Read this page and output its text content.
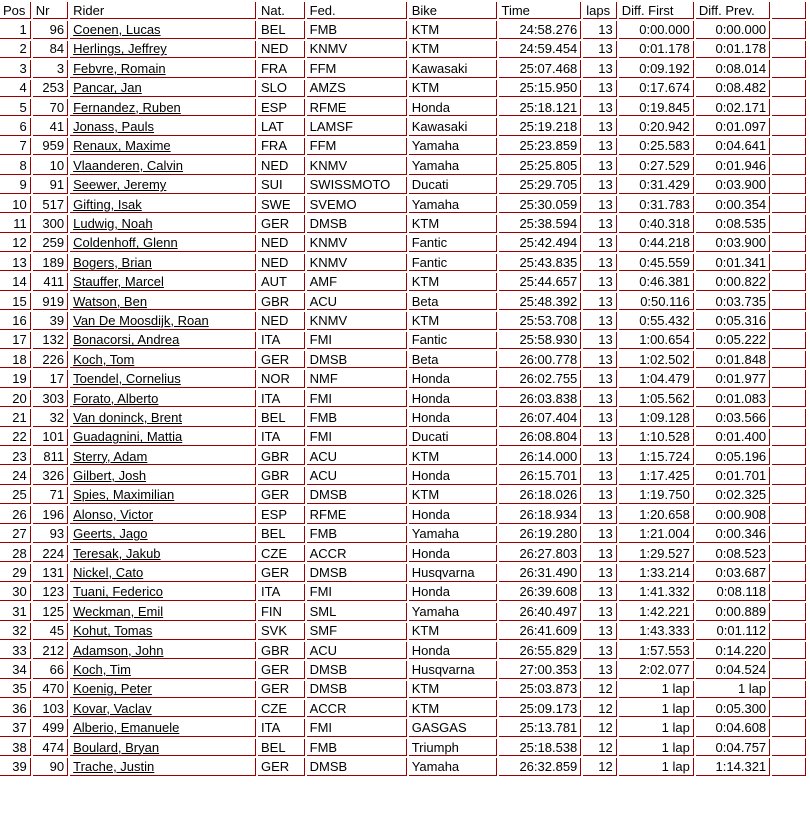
Pos	Nr	Rider	Nat.	Fed.	Bike	Time	laps	Diff. First	Diff. Prev.	
1	96	Coenen, Lucas	BEL	FMB	KTM	24:58.276	13	0:00.000	0:00.000	
2	84	Herlings, Jeffrey	NED	KNMV	KTM	24:59.454	13	0:01.178	0:01.178	
3	3	Febvre, Romain	FRA	FFM	Kawasaki	25:07.468	13	0:09.192	0:08.014	
4	253	Pancar, Jan	SLO	AMZS	KTM	25:15.950	13	0:17.674	0:08.482	
5	70	Fernandez, Ruben	ESP	RFME	Honda	25:18.121	13	0:19.845	0:02.171	
6	41	Jonass, Pauls	LAT	LAMSF	Kawasaki	25:19.218	13	0:20.942	0:01.097	
7	959	Renaux, Maxime	FRA	FFM	Yamaha	25:23.859	13	0:25.583	0:04.641	
8	10	Vlaanderen, Calvin	NED	KNMV	Yamaha	25:25.805	13	0:27.529	0:01.946	
9	91	Seewer, Jeremy	SUI	SWISSMOTO	Ducati	25:29.705	13	0:31.429	0:03.900	
10	517	Gifting, Isak	SWE	SVEMO	Yamaha	25:30.059	13	0:31.783	0:00.354	
11	300	Ludwig, Noah	GER	DMSB	KTM	25:38.594	13	0:40.318	0:08.535	
12	259	Coldenhoff, Glenn	NED	KNMV	Fantic	25:42.494	13	0:44.218	0:03.900	
13	189	Bogers, Brian	NED	KNMV	Fantic	25:43.835	13	0:45.559	0:01.341	
14	411	Stauffer, Marcel	AUT	AMF	KTM	25:44.657	13	0:46.381	0:00.822	
15	919	Watson, Ben	GBR	ACU	Beta	25:48.392	13	0:50.116	0:03.735	
16	39	Van De Moosdijk, Roan	NED	KNMV	KTM	25:53.708	13	0:55.432	0:05.316	
17	132	Bonacorsi, Andrea	ITA	FMI	Fantic	25:58.930	13	1:00.654	0:05.222	
18	226	Koch, Tom	GER	DMSB	Beta	26:00.778	13	1:02.502	0:01.848	
19	17	Toendel, Cornelius	NOR	NMF	Honda	26:02.755	13	1:04.479	0:01.977	
20	303	Forato, Alberto	ITA	FMI	Honda	26:03.838	13	1:05.562	0:01.083	
21	32	Van doninck, Brent	BEL	FMB	Honda	26:07.404	13	1:09.128	0:03.566	
22	101	Guadagnini, Mattia	ITA	FMI	Ducati	26:08.804	13	1:10.528	0:01.400	
23	811	Sterry, Adam	GBR	ACU	KTM	26:14.000	13	1:15.724	0:05.196	
24	326	Gilbert, Josh	GBR	ACU	Honda	26:15.701	13	1:17.425	0:01.701	
25	71	Spies, Maximilian	GER	DMSB	KTM	26:18.026	13	1:19.750	0:02.325	
26	196	Alonso, Victor	ESP	RFME	Honda	26:18.934	13	1:20.658	0:00.908	
27	93	Geerts, Jago	BEL	FMB	Yamaha	26:19.280	13	1:21.004	0:00.346	
28	224	Teresak, Jakub	CZE	ACCR	Honda	26:27.803	13	1:29.527	0:08.523	
29	131	Nickel, Cato	GER	DMSB	Husqvarna	26:31.490	13	1:33.214	0:03.687	
30	123	Tuani, Federico	ITA	FMI	Honda	26:39.608	13	1:41.332	0:08.118	
31	125	Weckman, Emil	FIN	SML	Yamaha	26:40.497	13	1:42.221	0:00.889	
32	45	Kohut, Tomas	SVK	SMF	KTM	26:41.609	13	1:43.333	0:01.112	
33	212	Adamson, John	GBR	ACU	Honda	26:55.829	13	1:57.553	0:14.220	
34	66	Koch, Tim	GER	DMSB	Husqvarna	27:00.353	13	2:02.077	0:04.524	
35	470	Koenig, Peter	GER	DMSB	KTM	25:03.873	12	1 lap	1 lap	
36	103	Kovar, Vaclav	CZE	ACCR	KTM	25:09.173	12	1 lap	0:05.300	
37	499	Alberio, Emanuele	ITA	FMI	GASGAS	25:13.781	12	1 lap	0:04.608	
38	474	Boulard, Bryan	BEL	FMB	Triumph	25:18.538	12	1 lap	0:04.757	
39	90	Trache, Justin	GER	DMSB	Yamaha	26:32.859	12	1 lap	1:14.321	
